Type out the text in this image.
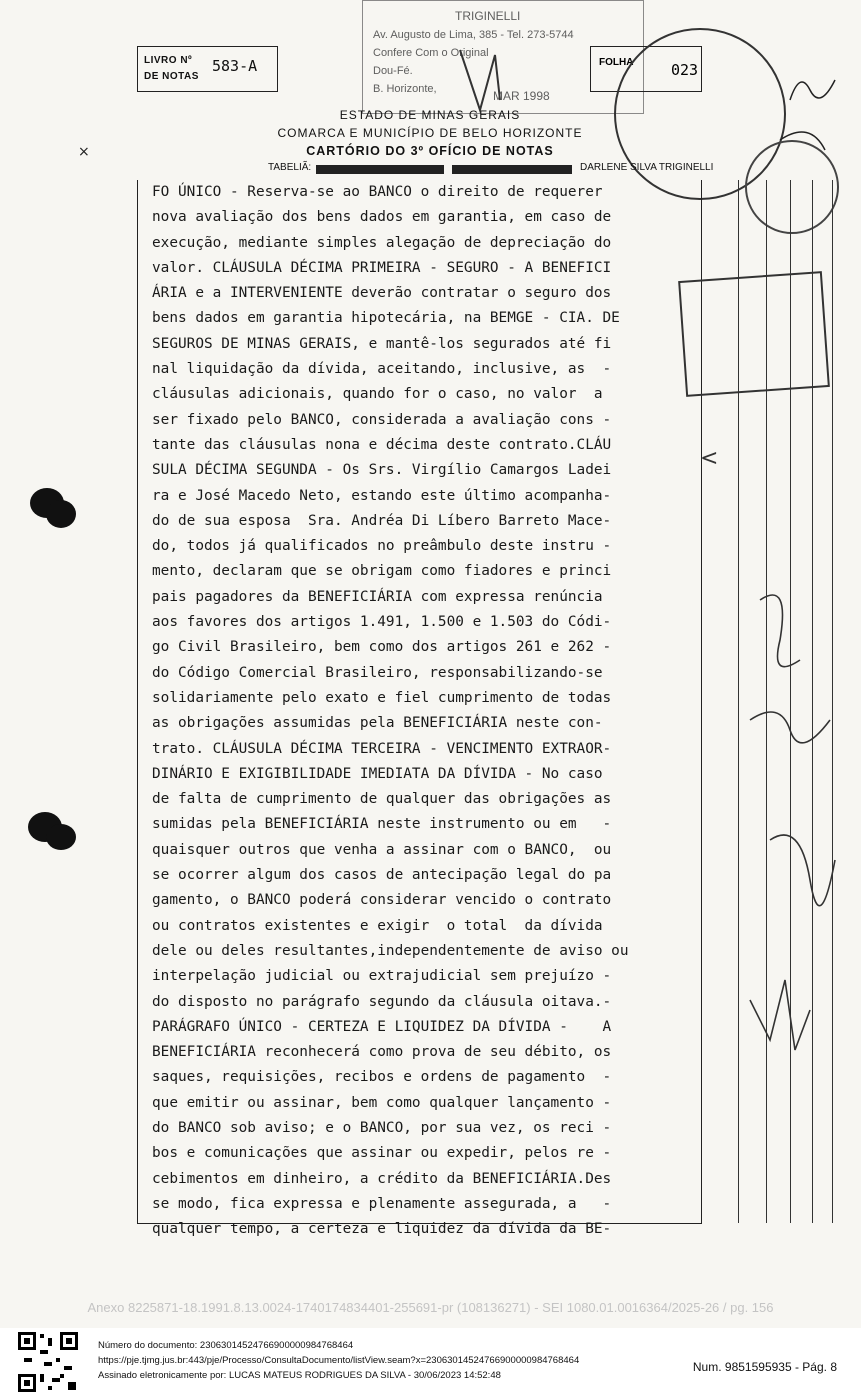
TRIGINELLI
Av. Augusto de Lima, 385 - Tel. 273-5744
Confere Com o Original
Dou-Fé.
B. Horizonte,	MAR 1998
LIVRO Nº
DE NOTAS
583-A	FOLHA	023
ESTADO DE MINAS GERAIS
COMARCA E MUNICÍPIO DE BELO HORIZONTE
CARTÓRIO DO 3º OFÍCIO DE NOTAS
TABELIÃ:	DARLENE SILVA TRIGINELLI
FO ÚNICO - Reserva-se ao BANCO o direito de requerer
nova avaliação dos bens dados em garantia, em caso de
execução, mediante simples alegação de depreciação do
valor. CLÁUSULA DÉCIMA PRIMEIRA - SEGURO - A BENEFICI
ÁRIA e a INTERVENIENTE deverão contratar o seguro dos
bens dados em garantia hipotecária, na BEMGE - CIA. DE
SEGUROS DE MINAS GERAIS, e mantê-los segurados até fi
nal liquidação da dívida, aceitando, inclusive, as  -
cláusulas adicionais, quando for o caso, no valor  a
ser fixado pelo BANCO, considerada a avaliação cons -
tante das cláusulas nona e décima deste contrato.CLÁU
SULA DÉCIMA SEGUNDA - Os Srs. Virgílio Camargos Ladei
ra e José Macedo Neto, estando este último acompanha-
do de sua esposa  Sra. Andréa Di Líbero Barreto Mace-
do, todos já qualificados no preâmbulo deste instru -
mento, declaram que se obrigam como fiadores e princi
pais pagadores da BENEFICIÁRIA com expressa renúncia
aos favores dos artigos 1.491, 1.500 e 1.503 do Códi-
go Civil Brasileiro, bem como dos artigos 261 e 262 -
do Código Comercial Brasileiro, responsabilizando-se
solidariamente pelo exato e fiel cumprimento de todas
as obrigações assumidas pela BENEFICIÁRIA neste con-
trato. CLÁUSULA DÉCIMA TERCEIRA - VENCIMENTO EXTRAOR-
DINÁRIO E EXIGIBILIDADE IMEDIATA DA DÍVIDA - No caso
de falta de cumprimento de qualquer das obrigações as
sumidas pela BENEFICIÁRIA neste instrumento ou em   -
quaisquer outros que venha a assinar com o BANCO,  ou
se ocorrer algum dos casos de antecipação legal do pa
gamento, o BANCO poderá considerar vencido o contrato
ou contratos existentes e exigir  o total  da dívida
dele ou deles resultantes,independentemente de aviso ou
interpelação judicial ou extrajudicial sem prejuízo -
do disposto no parágrafo segundo da cláusula oitava.-
PARÁGRAFO ÚNICO - CERTEZA E LIQUIDEZ DA DÍVIDA -    A
BENEFICIÁRIA reconhecerá como prova de seu débito, os
saques, requisições, recibos e ordens de pagamento  -
que emitir ou assinar, bem como qualquer lançamento -
do BANCO sob aviso; e o BANCO, por sua vez, os reci -
bos e comunicações que assinar ou expedir, pelos re -
cebimentos em dinheiro, a crédito da BENEFICIÁRIA.Des
se modo, fica expressa e plenamente assegurada, a   -
qualquer tempo, a certeza e liquidez da dívida da BE-
<
×
Anexo 8225871-18.1991.8.13.0024-1740174834401-255691-pr (108136271) - SEI 1080.01.0016364/2025-26 / pg. 156
Número do documento: 23063014524766900000984768464
https://pje.tjmg.jus.br:443/pje/Processo/ConsultaDocumento/listView.seam?x=23063014524766900000984768464
Assinado eletronicamente por: LUCAS MATEUS RODRIGUES DA SILVA - 30/06/2023 14:52:48
Num. 9851595935 - Pág. 8
